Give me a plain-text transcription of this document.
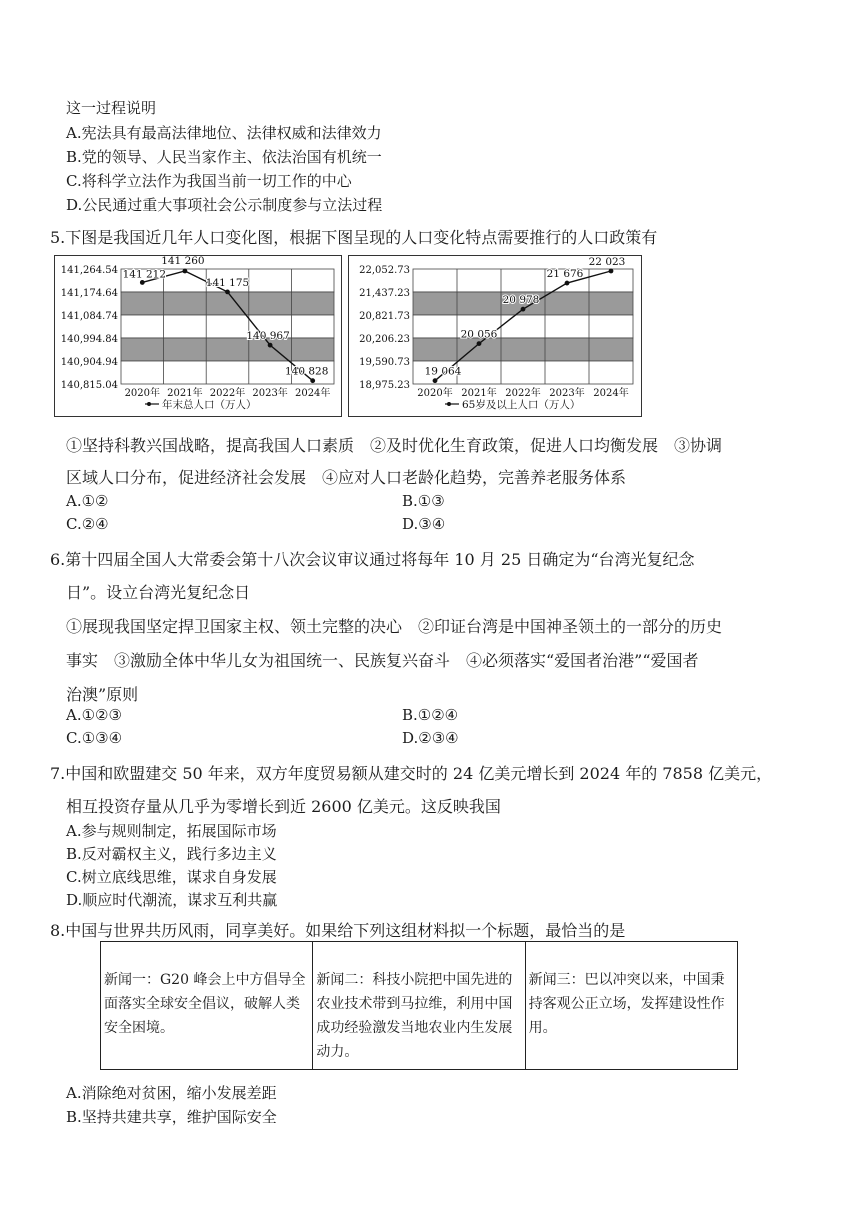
这一过程说明
A.宪法具有最高法律地位、法律权威和法律效力
B.党的领导、人民当家作主、依法治国有机统一
C.将科学立法作为我国当前一切工作的中心
D.公民通过重大事项社会公示制度参与立法过程
5.下图是我国近几年人口变化图，根据下图呈现的人口变化特点需要推行的人口政策有
141,264.54
141,174.64
141,084.74
140,994.84
140,904.94
140,815.04
2020年 2021年 2022年 2023年 2024年
141 212
141 260
141 175
140 967
140 828
年末总人口（万人）
22,052.73
21,437.23
20,821.73
20,206.23
19,590.73
18,975.23
2020年 2021年 2022年 2023年 2024年
19 064
20 056
20 978
21 676
22 023
65岁及以上人口（万人）
①坚持科教兴国战略，提高我国人口素质　②及时优化生育政策，促进人口均衡发展　③协调
区域人口分布，促进经济社会发展　④应对人口老龄化趋势，完善养老服务体系
A.①②	B.①③
C.②④	D.③④
6.第十四届全国人大常委会第十八次会议审议通过将每年 10 月 25 日确定为“台湾光复纪念
日”。设立台湾光复纪念日
①展现我国坚定捍卫国家主权、领土完整的决心　②印证台湾是中国神圣领土的一部分的历史
事实　③激励全体中华儿女为祖国统一、民族复兴奋斗　④必须落实“爱国者治港”“爱国者
治澳”原则
A.①②③	B.①②④
C.①③④	D.②③④
7.中国和欧盟建交 50 年来，双方年度贸易额从建交时的 24 亿美元增长到 2024 年的 7858 亿美元，
相互投资存量从几乎为零增长到近 2600 亿美元。这反映我国
A.参与规则制定，拓展国际市场
B.反对霸权主义，践行多边主义
C.树立底线思维，谋求自身发展
D.顺应时代潮流，谋求互利共赢
8.中国与世界共历风雨，同享美好。如果给下列这组材料拟一个标题，最恰当的是
新闻一：G20 峰会上中方倡导全面落实全球安全倡议，破解人类安全困境。	新闻二：科技小院把中国先进的农业技术带到马拉维，利用中国成功经验激发当地农业内生发展动力。	新闻三：巴以冲突以来，中国秉持客观公正立场，发挥建设性作用。
A.消除绝对贫困，缩小发展差距
B.坚持共建共享，维护国际安全
